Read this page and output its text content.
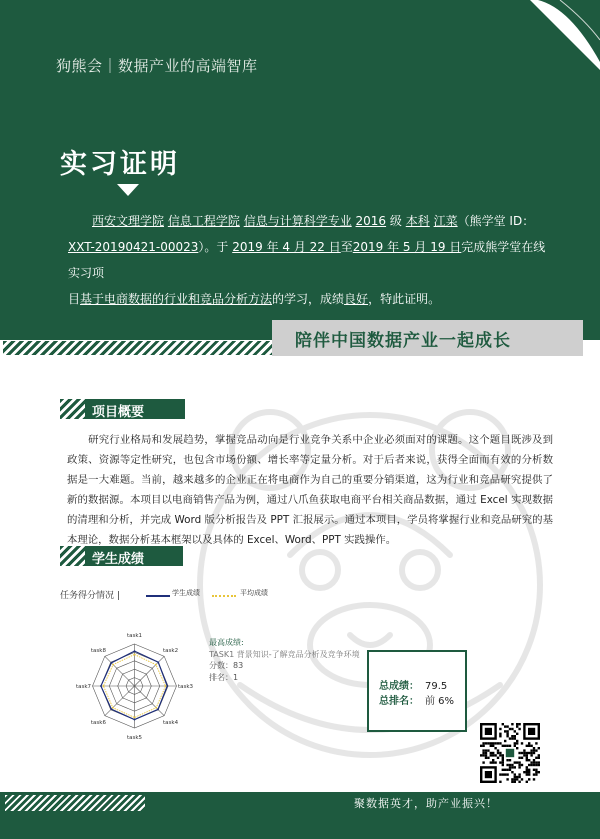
狗熊会｜数据产业的高端智库
实习证明
西安文理学院 信息工程学院 信息与计算科学专业 2016 级 本科 江菜（熊学堂 ID：
XXT-20190421-00023）。于 2019 年 4 月 22 日至2019 年 5 月 19 日完成熊学堂在线实习项
目基于电商数据的行业和竞品分析方法的学习，成绩良好，特此证明。
陪伴中国数据产业一起成长
项目概要
　　研究行业格局和发展趋势，掌握竞品动向是行业竞争关系中企业必须面对的课题。这个题目既涉及到政策、资源等定性研究，也包含市场份额、增长率等定量分析。对于后者来说，获得全面而有效的分析数据是一大难题。当前，越来越多的企业正在将电商作为自己的重要分销渠道，这为行业和竞品研究提供了新的数据源。本项目以电商销售产品为例，通过八爪鱼获取电商平台相关商品数据，通过 Excel 实现数据的清理和分析，并完成 Word 版分析报告及 PPT 汇报展示。通过本项目，学员将掌握行业和竞品研究的基本理论，数据分析基本框架以及具体的 Excel、Word、PPT 实践操作。
学生成绩
任务得分情况 |	学生成绩	平均成绩
task1
task2
task3
task4
task5
task6
task7
task8
最高成绩:
TASK1 背景知识-了解竞品分析及竞争环境
分数：83
排名：1
总成绩： 79.5
总排名： 前 6%
聚数据英才，助产业振兴！
